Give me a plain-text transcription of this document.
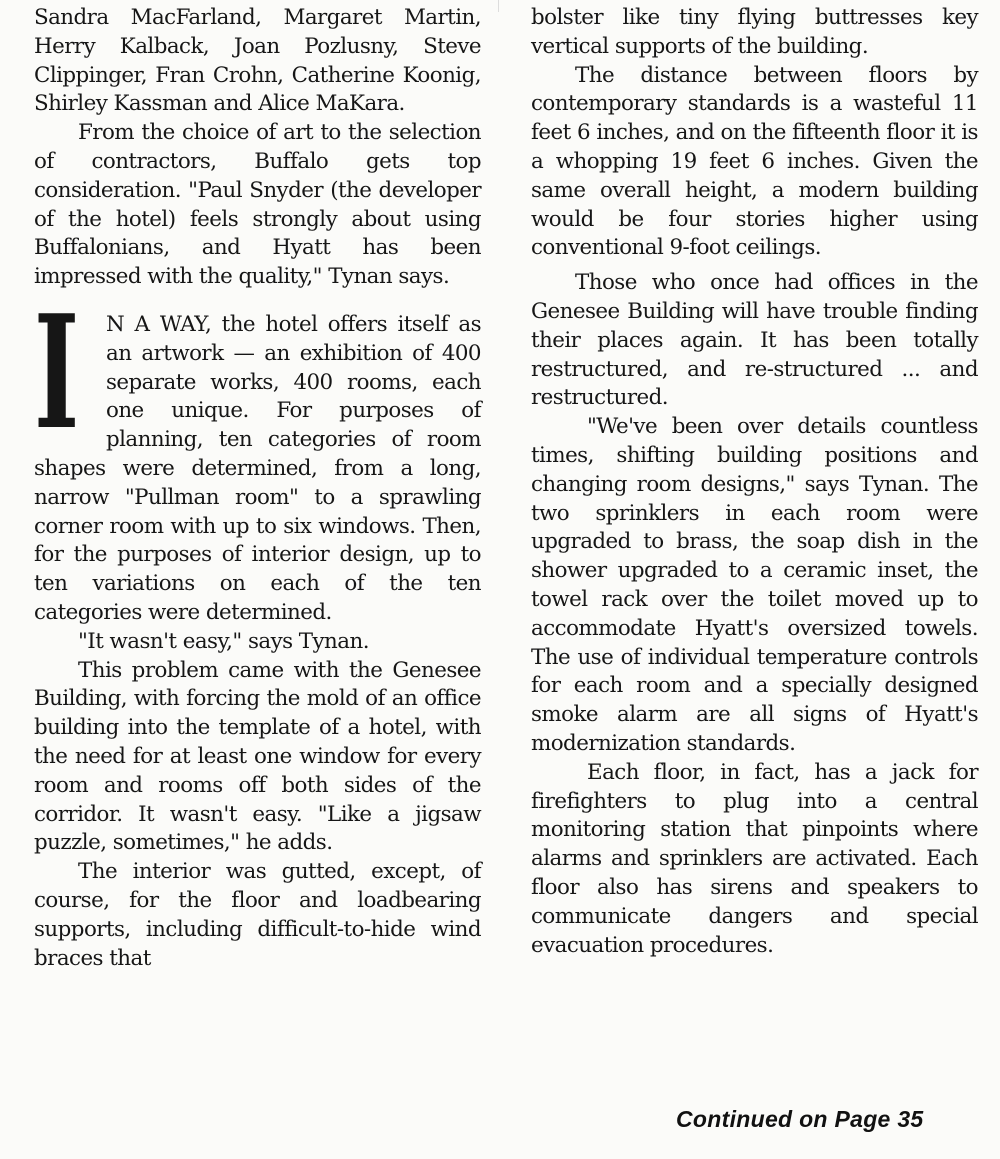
Sandra MacFarland, Margaret Martin, Herry Kalback, Joan Pozlusny, Steve Clippinger, Fran Crohn, Catherine Koonig, Shirley Kassman and Alice MaKara.

From the choice of art to the selection of contractors, Buffalo gets top consideration. "Paul Snyder (the developer of the hotel) feels strongly about using Buffalonians, and Hyatt has been impressed with the quality," Tynan says.

I N A WAY, the hotel offers itself as an artwork — an exhibition of 400 separate works, 400 rooms, each one unique. For purposes of planning, ten categories of room shapes were determined, from a long, narrow "Pullman room" to a sprawling corner room with up to six windows. Then, for the purposes of interior design, up to ten variations on each of the ten categories were determined.

"It wasn't easy," says Tynan.

This problem came with the Genesee Building, with forcing the mold of an office building into the template of a hotel, with the need for at least one window for every room and rooms off both sides of the corridor. It wasn't easy. "Like a jigsaw puzzle, sometimes," he adds.

The interior was gutted, except, of course, for the floor and loadbearing supports, including difficult-to-hide wind braces that

bolster like tiny flying buttresses key vertical supports of the building.

The distance between floors by contemporary standards is a wasteful 11 feet 6 inches, and on the fifteenth floor it is a whopping 19 feet 6 inches. Given the same overall height, a modern building would be four stories higher using conventional 9-foot ceilings.

Those who once had offices in the Genesee Building will have trouble finding their places again. It has been totally restructured, and re-structured ... and restructured.

"We've been over details countless times, shifting building positions and changing room designs," says Tynan. The two sprinklers in each room were upgraded to brass, the soap dish in the shower upgraded to a ceramic inset, the towel rack over the toilet moved up to accommodate Hyatt's oversized towels. The use of individual temperature controls for each room and a specially designed smoke alarm are all signs of Hyatt's modernization standards.

Each floor, in fact, has a jack for firefighters to plug into a central monitoring station that pinpoints where alarms and sprinklers are activated. Each floor also has sirens and speakers to communicate dangers and special evacuation procedures.

Continued on Page 35
